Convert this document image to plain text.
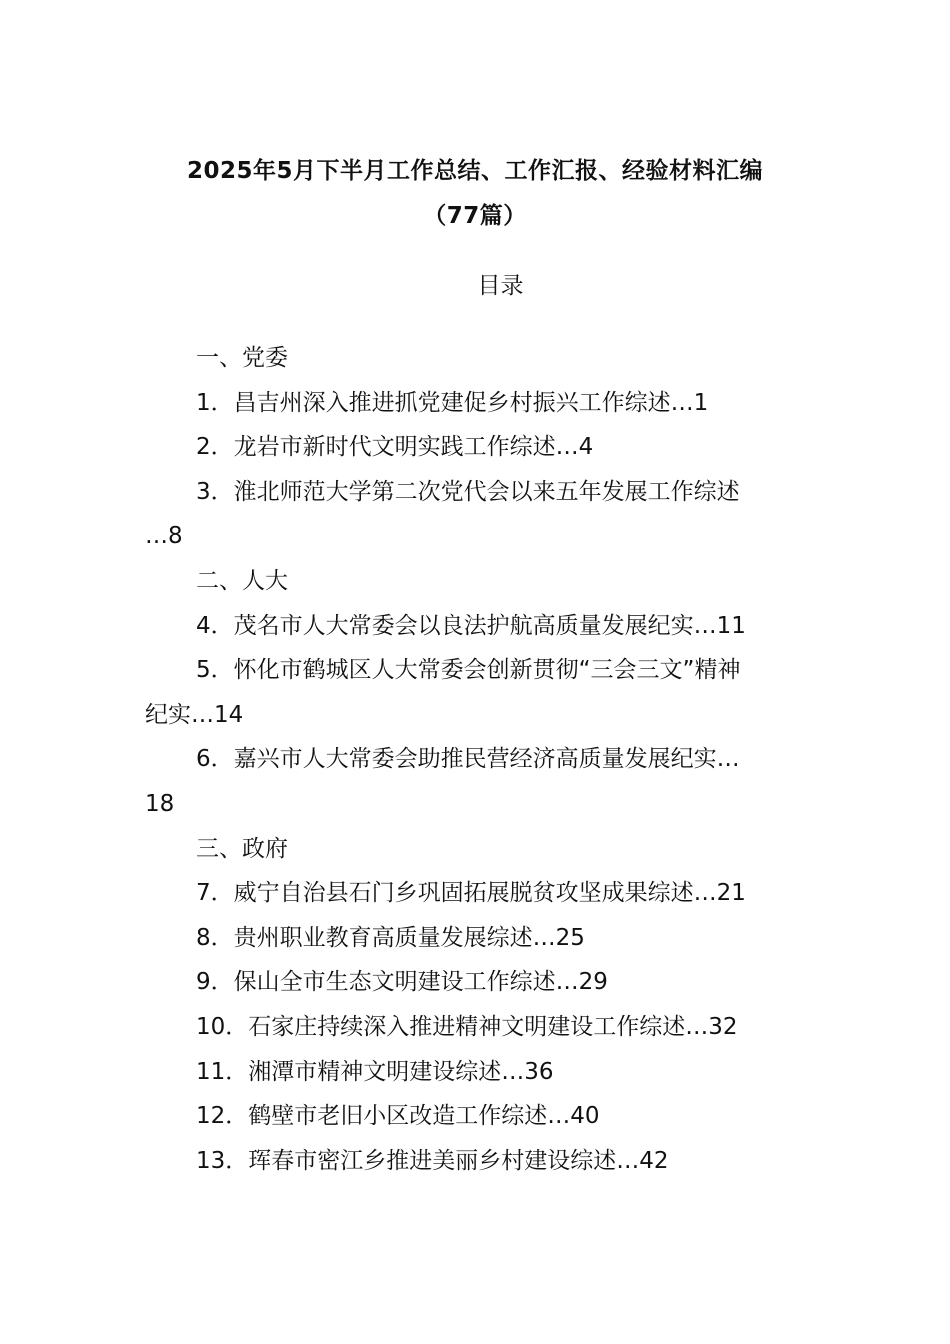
2025年5月下半月工作总结、工作汇报、经验材料汇编
（77篇）
目录
一、党委
1．昌吉州深入推进抓党建促乡村振兴工作综述…1
2．龙岩市新时代文明实践工作综述…4
3．淮北师范大学第二次党代会以来五年发展工作综述
…8
二、人大
4．茂名市人大常委会以良法护航高质量发展纪实…11
5．怀化市鹤城区人大常委会创新贯彻“三会三文”精神
纪实…14
6．嘉兴市人大常委会助推民营经济高质量发展纪实…
18
三、政府
7．威宁自治县石门乡巩固拓展脱贫攻坚成果综述…21
8．贵州职业教育高质量发展综述…25
9．保山全市生态文明建设工作综述…29
10．石家庄持续深入推进精神文明建设工作综述…32
11．湘潭市精神文明建设综述…36
12．鹤壁市老旧小区改造工作综述…40
13．珲春市密江乡推进美丽乡村建设综述…42
